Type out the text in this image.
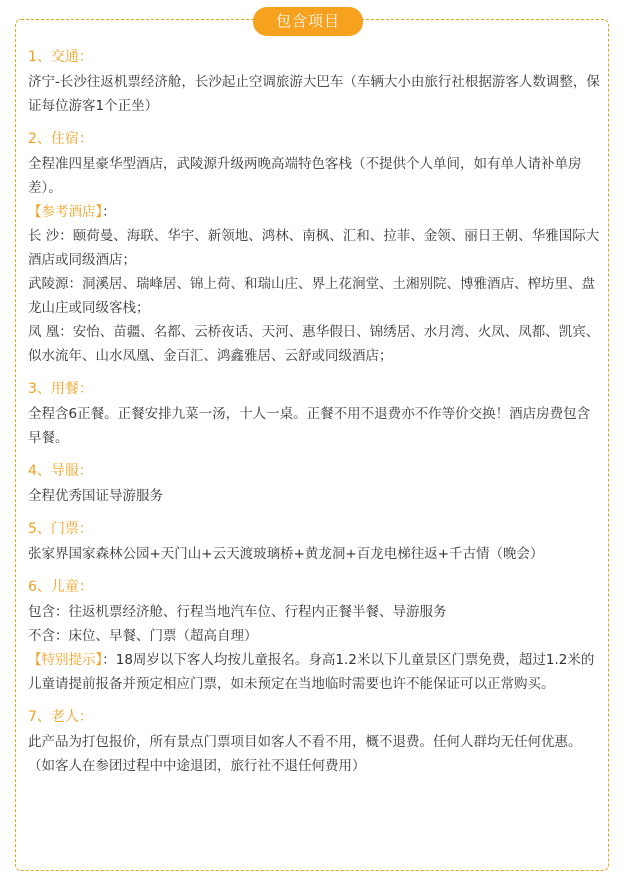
包含项目
1、交通：

济宁-长沙往返机票经济舱，长沙起止空调旅游大巴车（车辆大小由旅行社根据游客人数调整，保证每位游客1个正坐）

2、住宿：

全程准四星豪华型酒店，武陵源升级两晚高端特色客栈（不提供个人单间，如有单人请补单房差）。

【参考酒店】：

长 沙：颐荷曼、海联、华宇、新领地、鸿林、南枫、汇和、拉菲、金领、丽日王朝、华雅国际大酒店或同级酒店；

武陵源：洞溪居、瑞峰居、锦上荷、和瑞山庄、界上花涧堂、土湘别院、博雅酒店、榨坊里、盘龙山庄或同级客栈；

凤 凰：安怡、苗疆、名都、云桥夜话、天河、惠华假日、锦绣居、水月湾、火凤、凤都、凯宾、似水流年、山水凤凰、金百汇、鸿鑫雅居、云舒或同级酒店；

3、用餐：

全程含6正餐。正餐安排九菜一汤，十人一桌。正餐不用不退费亦不作等价交换！酒店房费包含早餐。

4、导服：

全程优秀国证导游服务

5、门票：

张家界国家森林公园+天门山+云天渡玻璃桥+黄龙洞+百龙电梯往返+千古情（晚会）

6、儿童：

包含：往返机票经济舱、行程当地汽车位、行程内正餐半餐、导游服务

不含：床位、早餐、门票（超高自理）

【特别提示】：18周岁以下客人均按儿童报名。身高1.2米以下儿童景区门票免费，超过1.2米的儿童请提前报备并预定相应门票，如未预定在当地临时需要也许不能保证可以正常购买。

7、老人：

此产品为打包报价，所有景点门票项目如客人不看不用，概不退费。任何人群均无任何优惠。（如客人在参团过程中中途退团，旅行社不退任何费用）
